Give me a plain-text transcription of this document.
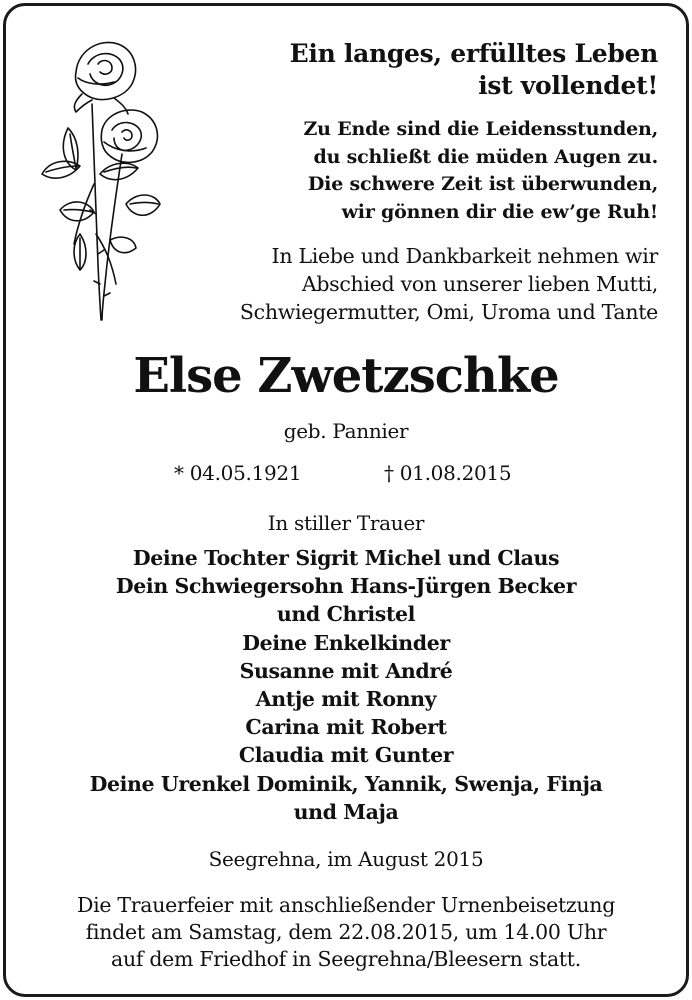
Ein langes, erfülltes Leben
ist vollendet!
Zu Ende sind die Leidensstunden,
du schließt die müden Augen zu.
Die schwere Zeit ist überwunden,
wir gönnen dir die ew’ge Ruh!
In Liebe und Dankbarkeit nehmen wir
Abschied von unserer lieben Mutti,
Schwiegermutter, Omi, Uroma und Tante
Else Zwetzschke
geb. Pannier
* 04.05.1921	† 01.08.2015
In stiller Trauer
Deine Tochter Sigrit Michel und Claus
Dein Schwiegersohn Hans-Jürgen Becker
und Christel
Deine Enkelkinder
Susanne mit André
Antje mit Ronny
Carina mit Robert
Claudia mit Gunter
Deine Urenkel Dominik, Yannik, Swenja, Finja
und Maja
Seegrehna, im August 2015
Die Trauerfeier mit anschließender Urnenbeisetzung
findet am Samstag, dem 22.08.2015, um 14.00 Uhr
auf dem Friedhof in Seegrehna/Bleesern statt.
